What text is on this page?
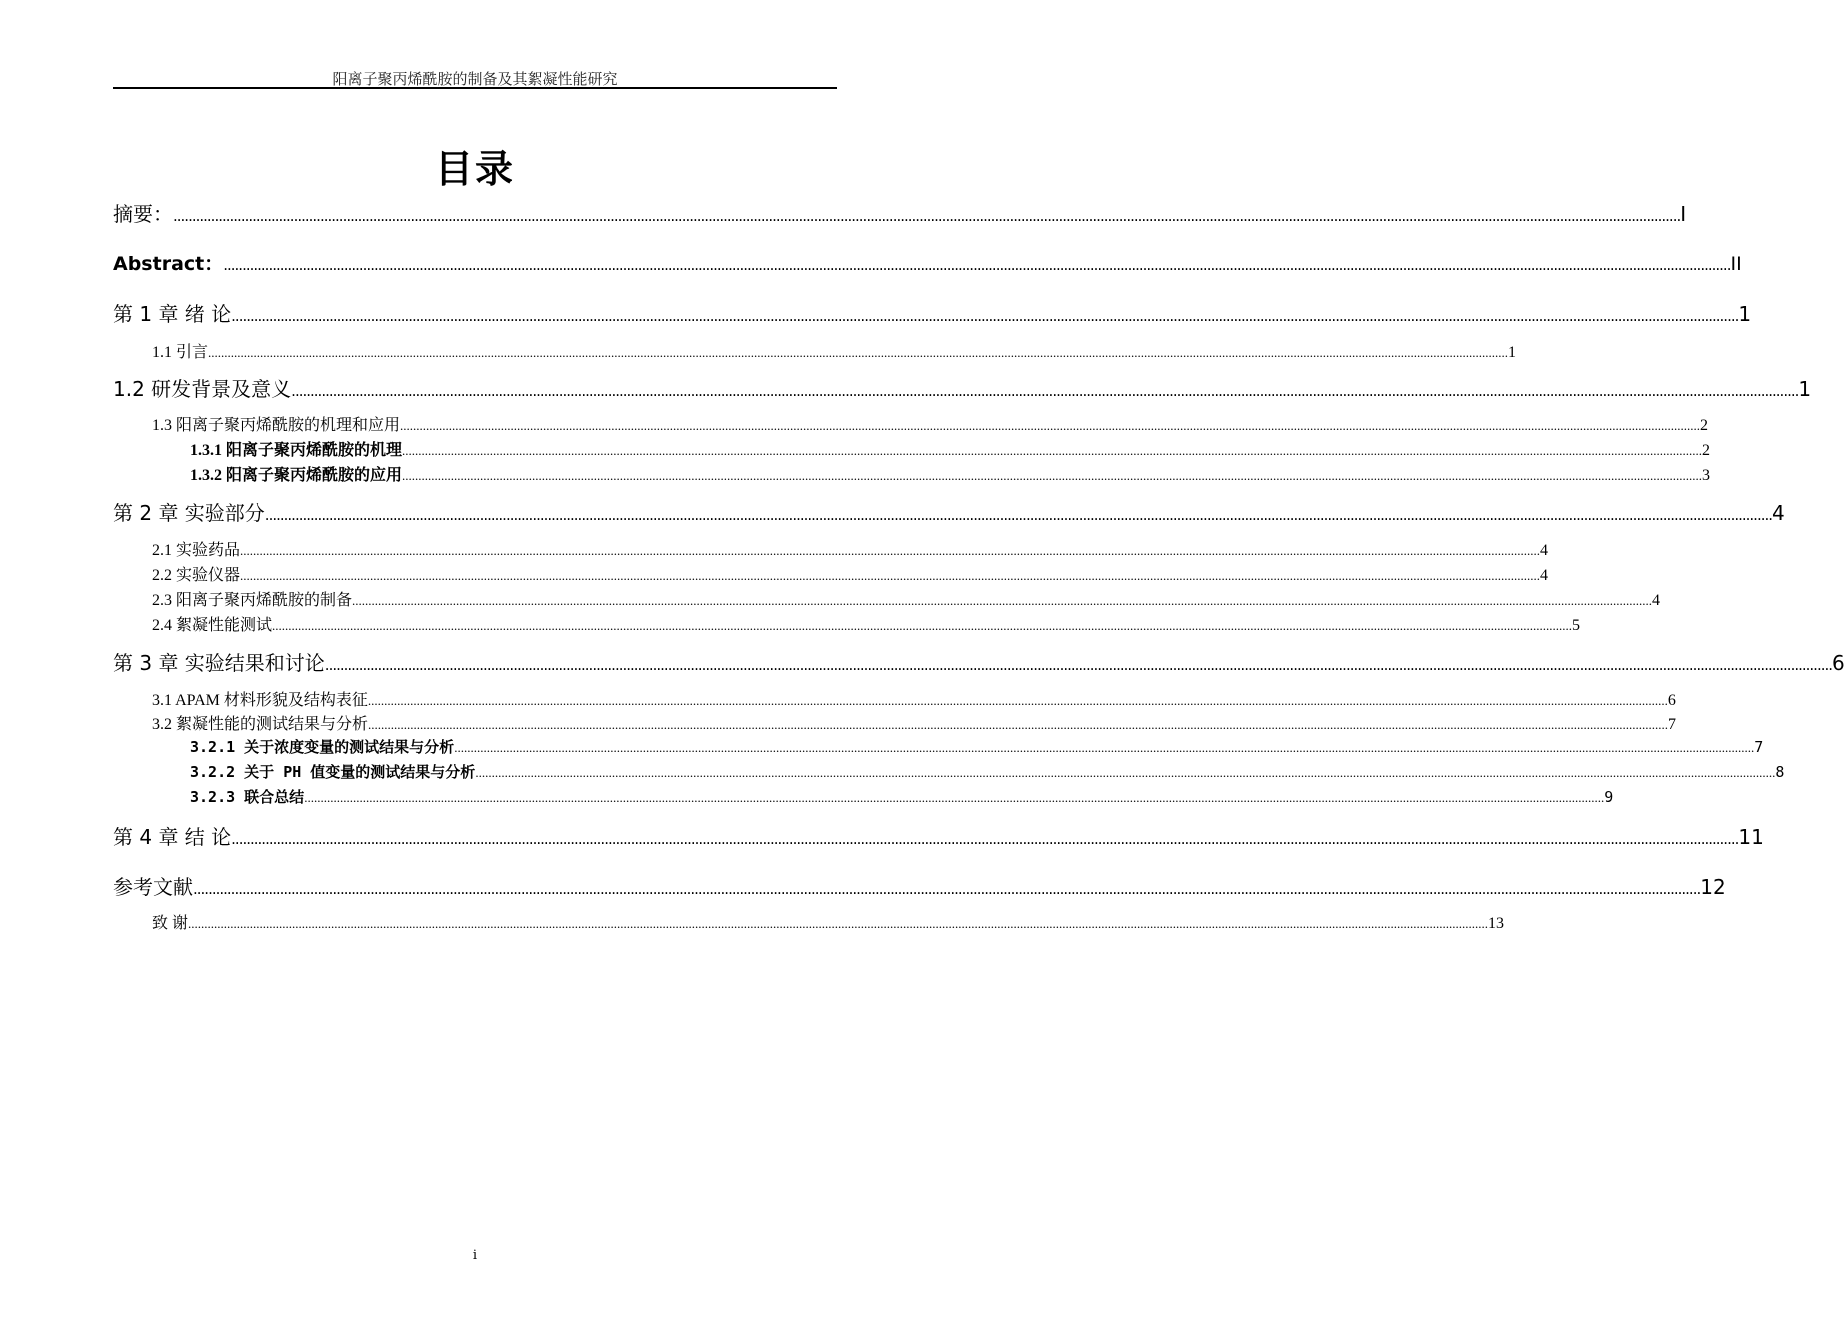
阳离子聚丙烯酰胺的制备及其絮凝性能研究
目录
摘要： ................................................................................................................................................................................................................................................................................................................................................................................................................ I
Abstract： ................................................................................................................................................................................................................................................................................................................................................................................................................ II
第 1 章 绪 论 ................................................................................................................................................................................................................................................................................................................................................................................................................ 1
1.1 引言 ................................................................................................................................................................................................................................................................................................................................................................................................................ 1
1.2 研发背景及意义 ................................................................................................................................................................................................................................................................................................................................................................................................................ 1
1.3 阳离子聚丙烯酰胺的机理和应用 ................................................................................................................................................................................................................................................................................................................................................................................................................ 2
1.3.1 阳离子聚丙烯酰胺的机理 ................................................................................................................................................................................................................................................................................................................................................................................................................ 2
1.3.2 阳离子聚丙烯酰胺的应用 ................................................................................................................................................................................................................................................................................................................................................................................................................ 3
第 2 章 实验部分 ................................................................................................................................................................................................................................................................................................................................................................................................................ 4
2.1 实验药品 ................................................................................................................................................................................................................................................................................................................................................................................................................ 4
2.2 实验仪器 ................................................................................................................................................................................................................................................................................................................................................................................................................ 4
2.3 阳离子聚丙烯酰胺的制备 ................................................................................................................................................................................................................................................................................................................................................................................................................ 4
2.4 絮凝性能测试 ................................................................................................................................................................................................................................................................................................................................................................................................................ 5
第 3 章 实验结果和讨论 ................................................................................................................................................................................................................................................................................................................................................................................................................ 6
3.1 APAM 材料形貌及结构表征 ................................................................................................................................................................................................................................................................................................................................................................................................................ 6
3.2 絮凝性能的测试结果与分析 ................................................................................................................................................................................................................................................................................................................................................................................................................ 7
3.2.1 关于浓度变量的测试结果与分析 ................................................................................................................................................................................................................................................................................................................................................................................................................ 7
3.2.2 关于 PH 值变量的测试结果与分析 ................................................................................................................................................................................................................................................................................................................................................................................................................ 8
3.2.3 联合总结 ................................................................................................................................................................................................................................................................................................................................................................................................................ 9
第 4 章 结 论 ................................................................................................................................................................................................................................................................................................................................................................................................................ 11
参考文献 ................................................................................................................................................................................................................................................................................................................................................................................................................ 12
致 谢 ................................................................................................................................................................................................................................................................................................................................................................................................................ 13
i
